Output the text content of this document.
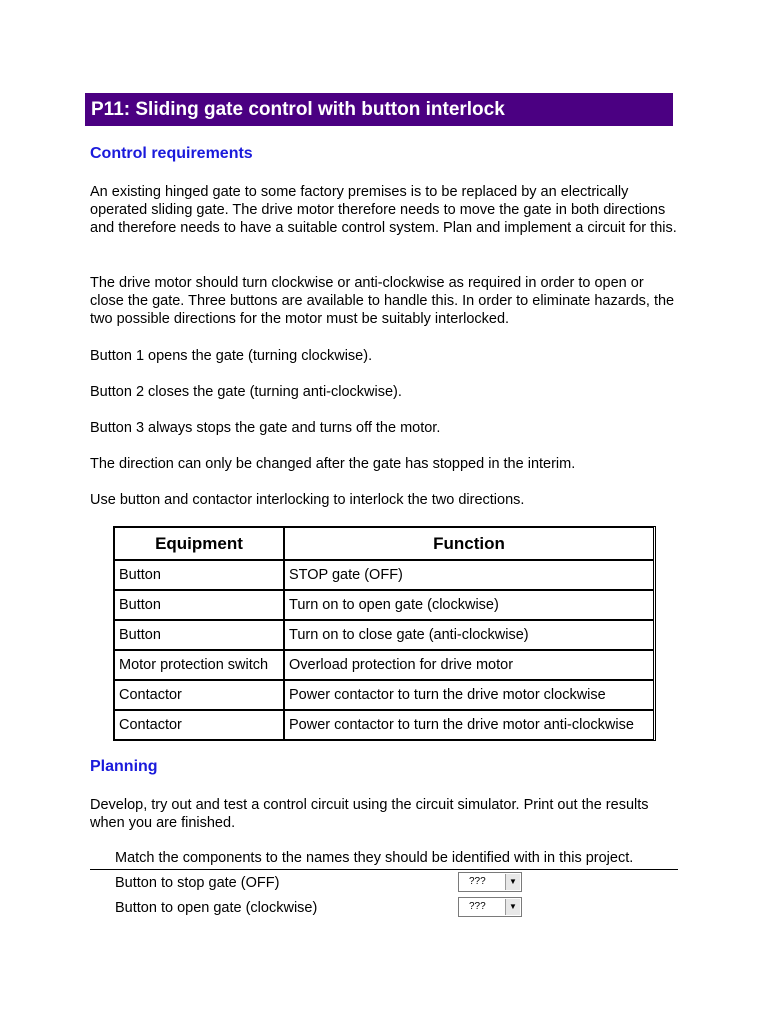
P11: Sliding gate control with button interlock
Control requirements

An existing hinged gate to some factory premises is to be replaced by an electrically operated sliding gate. The drive motor therefore needs to move the gate in both directions and therefore needs to have a suitable control system. Plan and implement a circuit for this.

The drive motor should turn clockwise or anti-clockwise as required in order to open or close the gate. Three buttons are available to handle this. In order to eliminate hazards, the two possible directions for the motor must be suitably interlocked.

Button 1 opens the gate (turning clockwise).

Button 2 closes the gate (turning anti-clockwise).

Button 3 always stops the gate and turns off the motor.

The direction can only be changed after the gate has stopped in the interim.

Use button and contactor interlocking to interlock the two directions.

Equipment	Function
Button	STOP gate (OFF)
Button	Turn on to open gate (clockwise)
Button	Turn on to close gate (anti-clockwise)
Motor protection switch	Overload protection for drive motor
Contactor	Power contactor to turn the drive motor clockwise
Contactor	Power contactor to turn the drive motor anti-clockwise
Planning

Develop, try out and test a control circuit using the circuit simulator. Print out the results when you are finished.

Match the components to the names they should be identified with in this project.
Button to stop gate (OFF)	???	▼
Button to open gate (clockwise)	???	▼
